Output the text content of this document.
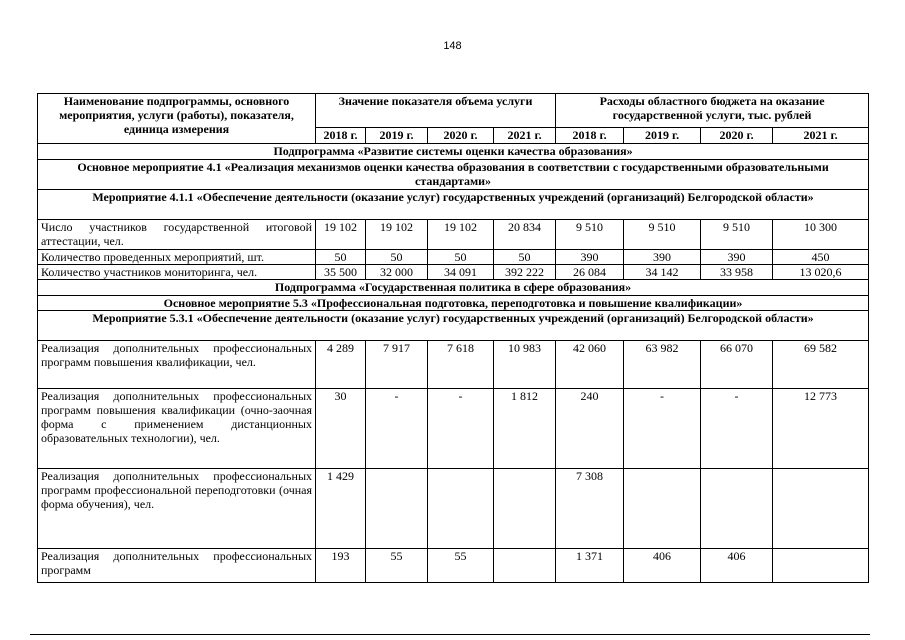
148
Наименование подпрограммы, основного мероприятия, услуги (работы), показателя, единица измерения	Значение показателя объема услуги				Расходы областного бюджета на оказание государственной услуги, тыс. рублей			
	2018 г.	2019 г.	2020 г.	2021 г.	2018 г.	2019 г.	2020 г.	2021 г.
Подпрограмма «Развитие системы оценки качества образования»								
Основное мероприятие 4.1 «Реализация механизмов оценки качества образования в соответствии с государственными образовательными стандартами»								
Мероприятие 4.1.1 «Обеспечение деятельности (оказание услуг) государственных учреждений (организаций) Белгородской области»								
Число участников государственной итоговой аттестации, чел.	19 102	19 102	19 102	20 834	9 510	9 510	9 510	10 300
Количество проведенных мероприятий, шт.	50	50	50	50	390	390	390	450
Количество участников мониторинга, чел.	35 500	32 000	34 091	392 222	26 084	34 142	33 958	13 020,6
Подпрограмма «Государственная политика в сфере образования»								
Основное мероприятие 5.3 «Профессиональная подготовка, переподготовка и повышение квалификации»								
Мероприятие 5.3.1 «Обеспечение деятельности (оказание услуг) государственных учреждений (организаций) Белгородской области»								
Реализация дополнительных профессиональных программ повышения квалификации, чел.	4 289	7 917	7 618	10 983	42 060	63 982	66 070	69 582
Реализация дополнительных профессиональных программ повышения квалификации (очно-заочная форма с применением дистанционных образовательных технологии), чел.	30	-	-	1 812	240	-	-	12 773
Реализация дополнительных профессиональных программ профессиональной переподготовки (очная форма обучения), чел.	1 429				7 308			
Реализация дополнительных профессиональных программ	193	55	55		1 371	406	406	
